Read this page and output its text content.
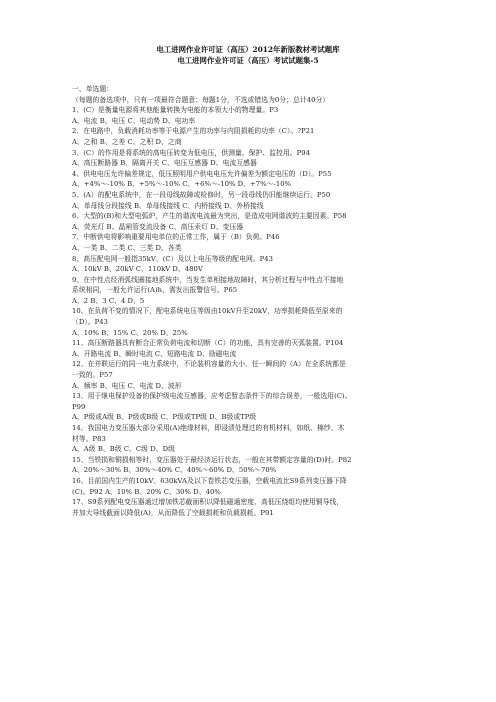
电工进网作业许可证（高压）2012年新版教材考试题库
电工进网作业许可证（高压）考试试题集-5
一、单选题：
（每题的备选项中，只有一项最符合题意；每题1分，不选或错选为0分；总计40分）
1、(C）是衡量电源将其他能量转换为电能的本领大小的物理量。P3
A、电流 B、电压 C、电动势 D、电功率
2、在电路中，负载消耗功率等于电源产生的功率与内阻损耗的功率（C）。?P21
A、之和 B、之差 C、之积 D、之商
3、(C）的作用是将系统的高电压转变为低电压，供测量、保护、监控用。P94
A、高压断路器 B、隔离开关 C、电压互感器 D、电流互感器
4、供电电压允许偏差规定，低压照明用户供电电压允许偏差为额定电压的（D）。P55
A、+4%～-10% B、+5%～-10% C、+6%～-10% D、+7%～-10%
5、(A）的配电系统中，在一段母线故障或检修时，另一段母线仍旧能继续运行。P50
A、单母线分段接线 B、单母线接线 C、内桥接线 D、外桥接线
6、大型的(B)和大型电弧炉，产生的谐波电流最为突出，是造成电网谐波的主要因素。P58
A、荧光灯 B、晶闸管变流设备 C、高压汞灯 D、变压器
7、中断供电将影响重要用电单位的正常工作，属于（B）负荷。P46
A、一类 B、二类 C、三类 D、各类
8、高压配电网一般指35kV、(C）及以上电压等级的配电网。P43
A、10kV B、20kV C、110kV D、480V
9、在中性点经消弧线圈接地系统中，当发生单相接地故障时，其分析过程与中性点不接地
系统相同，一般允许运行(A)h，需发出报警信号。P65
A、2 B、3 C、4 D、5
10、在负荷不变的情况下，配电系统电压等级由10kV升至20kV，功率损耗降低至原来的
（D）。P43
A、10% B、15% C、20% D、25%
11、高压断路器具有断合正常负荷电流和切断（C）的功能，具有完善的灭弧装置。P104
A、开路电流 B、瞬时电流 C、短路电流 D、励磁电流
12、在并联运行的同一电力系统中，不论装机容量的大小、任一瞬间的（A）在全系统都是
一致的。P57
A、频率 B、电压 C、电流 D、波形
13、用于继电保护设备的保护级电流互感器，应考虑暂态条件下的综合误差，一般选用(C)。
P99
A、P级或A级 B、P级或B级 C、P级或TP级 D、B级或TP级
14、我国电力变压器大部分采用(A)绝缘材料，即浸渍处理过的有机材料，如纸、棉纱、木
材等。P83
A、A级 B、B级 C、C级 D、D级
15、当铁损和铜损相等时，变压器处于最经济运行状态，一般在其带额定容量的(D)时。P82
A、20%～30% B、30%～40% C、40%～60% D、50%～70%
16、目前国内生产的10kV、630kVA及以下卷铁芯变压器，空载电流比S9系列变压器下降
(C)。P92 A、10% B、20% C、30% D、40%
17、S9系列配电变压器通过增加铁芯截面积以降低磁通密度、高低压绕组均使用铜导线，
并加大导线截面以降低(A)，从而降低了空载损耗和负载损耗。P91
